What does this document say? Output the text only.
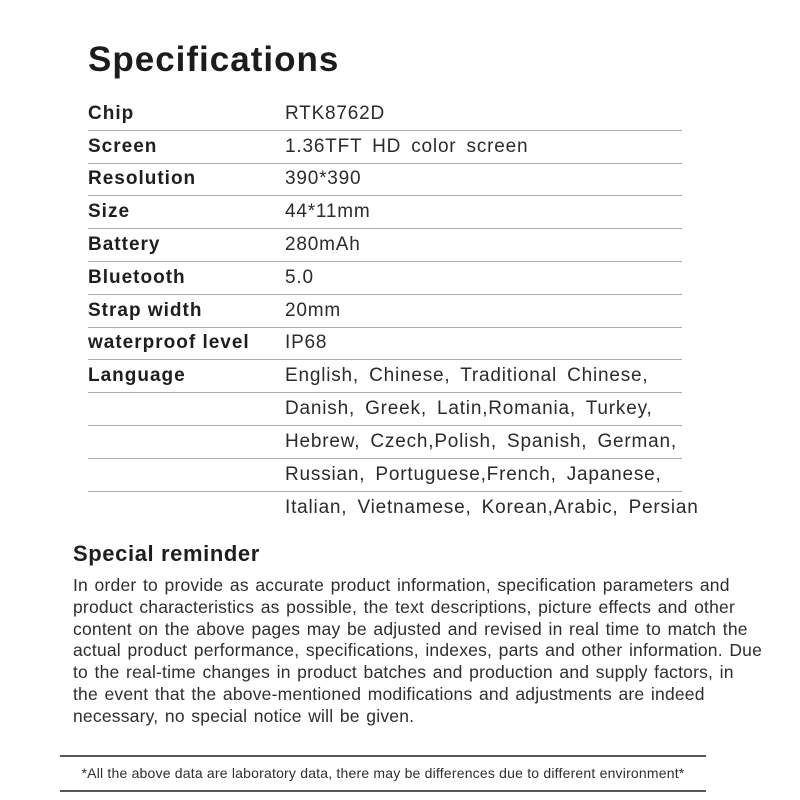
Specifications
Chip	RTK8762D
Screen	1.36TFT HD color screen
Resolution	390*390
Size	44*11mm
Battery	280mAh
Bluetooth	5.0
Strap width	20mm
waterproof level	IP68
Language	English, Chinese, Traditional Chinese,
Danish, Greek, Latin,Romania, Turkey,
Hebrew, Czech,Polish, Spanish, German,
Russian, Portuguese,French, Japanese,
Italian, Vietnamese, Korean,Arabic, Persian
Special reminder
In order to provide as accurate product information, specification parameters and product characteristics as possible, the text descriptions, picture effects and other content on the above pages may be adjusted and revised in real time to match the actual product performance, specifications, indexes, parts and other information. Due to the real-time changes in product batches and production and supply factors, in the event that the above-mentioned modifications and adjustments are indeed necessary, no special notice will be given.
*All the above data are laboratory data, there may be differences due to different environment*
